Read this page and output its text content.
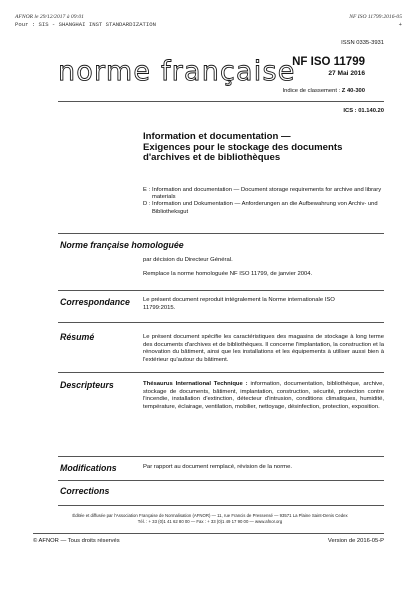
AFNOR le 29/12/2017 à 09:01
Pour : SIS - SHANGHAI INST STANDARDIZATION
NF ISO 11799:2016-05
+
ISSN 0335-3931
norme française
NF ISO 11799
27 Mai 2016
Indice de classement : Z 40-300
ICS : 01.140.20
Information et documentation —
Exigences pour le stockage des documents
d'archives et de bibliothèques
E : Information and documentation — Document storage requirements for archive and library materials
D : Information und Dokumentation — Anforderungen an die Aufbewahrung von Archiv- und Bibliotheksgut
Norme française homologuée
par décision du Directeur Général.
Remplace la norme homologuée NF ISO 11799, de janvier 2004.
Correspondance Le présent document reproduit intégralement la Norme internationale ISO 11799:2015.
Résumé	Le présent document spécifie les caractéristiques des magasins de stockage à long terme des documents d'archives et de bibliothèques. Il concerne l'implantation, la construction et la rénovation du bâtiment, ainsi que les installations et les équipements à utiliser aussi bien à l'extérieur qu'autour du bâtiment.
Descripteurs	Thésaurus International Technique : information, documentation, bibliothèque, archive, stockage de documents, bâtiment, implantation, construction, sécurité, protection contre l'incendie, installation d'extinction, détecteur d'intrusion, conditions climatiques, humidité, température, éclairage, ventilation, mobilier, nettoyage, désinfection, protection, exposition.
Modifications	Par rapport au document remplacé, révision de la norme.
Corrections
Éditée et diffusée par l'Association Française de Normalisation (AFNOR) — 11, rue Francis de Pressensé — 93571 La Plaine Saint-Denis Cedex
Tél. : + 33 (0)1 41 62 80 00 — Fax : + 33 (0)1 49 17 90 00 — www.afnor.org
© AFNOR — Tous droits réservés	Version de 2016-05-P
